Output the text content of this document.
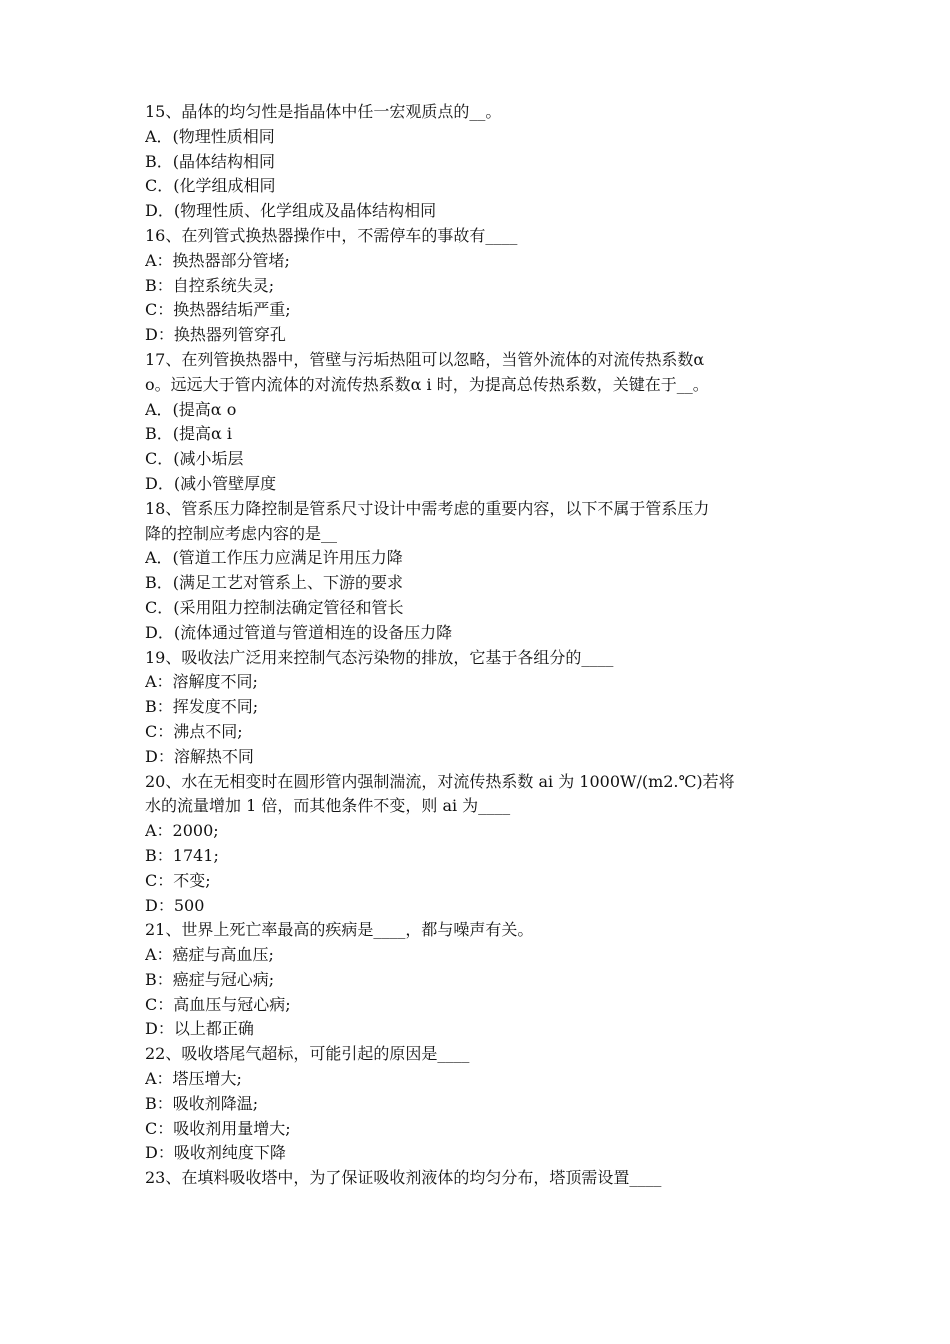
15、晶体的均匀性是指晶体中任一宏观质点的__。
A．(物理性质相同
B．(晶体结构相同
C．(化学组成相同
D．(物理性质、化学组成及晶体结构相同
16、在列管式换热器操作中，不需停车的事故有____
A：换热器部分管堵;
B：自控系统失灵;
C：换热器结垢严重;
D：换热器列管穿孔
17、在列管换热器中，管壁与污垢热阻可以忽略，当管外流体的对流传热系数α
o。远远大于管内流体的对流传热系数α i 时，为提高总传热系数，关键在于__。
A．(提高α o
B．(提高α i
C．(减小垢层
D．(减小管壁厚度
18、管系压力降控制是管系尺寸设计中需考虑的重要内容，以下不属于管系压力
降的控制应考虑内容的是__
A．(管道工作压力应满足许用压力降
B．(满足工艺对管系上、下游的要求
C．(采用阻力控制法确定管径和管长
D．(流体通过管道与管道相连的设备压力降
19、吸收法广泛用来控制气态污染物的排放，它基于各组分的____
A：溶解度不同;
B：挥发度不同;
C：沸点不同;
D：溶解热不同
20、水在无相变时在圆形管内强制湍流，对流传热系数 ai 为 1000W/(m2.℃)若将
水的流量增加 1 倍，而其他条件不变，则 ai 为____
A：2000;
B：1741;
C：不变;
D：500
21、世界上死亡率最高的疾病是____，都与噪声有关。
A：癌症与高血压;
B：癌症与冠心病;
C：高血压与冠心病;
D：以上都正确
22、吸收塔尾气超标，可能引起的原因是____
A：塔压增大;
B：吸收剂降温;
C：吸收剂用量增大;
D：吸收剂纯度下降
23、在填料吸收塔中，为了保证吸收剂液体的均匀分布，塔顶需设置____
